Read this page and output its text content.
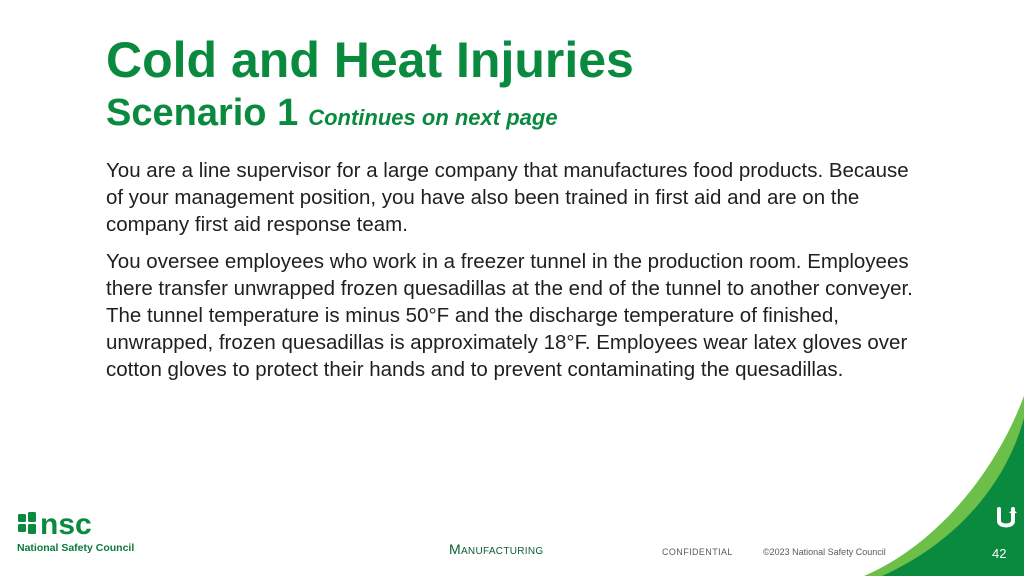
Cold and Heat Injuries
Scenario 1 Continues on next page

You are a line supervisor for a large company that manufactures food products. Because of your management position, you have also been trained in first aid and are on the company first aid response team.

You oversee employees who work in a freezer tunnel in the production room. Employees there transfer unwrapped frozen quesadillas at the end of the tunnel to another conveyer. The tunnel temperature is minus 50°F and the discharge temperature of finished, unwrapped, frozen quesadillas is approximately 18°F. Employees wear latex gloves over cotton gloves to protect their hands and to prevent contaminating the quesadillas.

nsc
National Safety Council	Manufacturing	CONFIDENTIAL	©2023 National Safety Council	42
